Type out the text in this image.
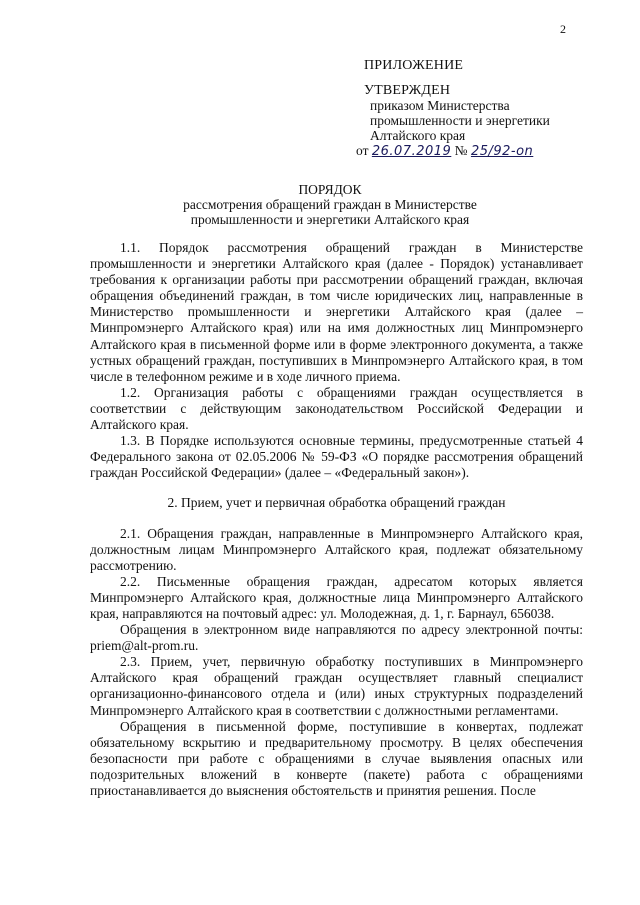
2
ПРИЛОЖЕНИЕ
УТВЕРЖДЕН
приказом Министерства
промышленности и энергетики
Алтайского края
от 26.07.2019 № 25/92-on
ПОРЯДОК
рассмотрения обращений граждан в Министерстве
промышленности и энергетики Алтайского края

1.1. Порядок рассмотрения обращений граждан в Министерстве промышленности и энергетики Алтайского края (далее - Порядок) устанавливает требования к организации работы при рассмотрении обращений граждан, включая обращения объединений граждан, в том числе юридических лиц, направленные в Министерство промышленности и энергетики Алтайского края (далее – Минпромэнерго Алтайского края) или на имя должностных лиц Минпромэнерго Алтайского края в письменной форме или в форме электронного документа, а также устных обращений граждан, поступивших в Минпромэнерго Алтайского края, в том числе в телефонном режиме и в ходе личного приема.

1.2. Организация работы с обращениями граждан осуществляется в соответствии с действующим законодательством Российской Федерации и Алтайского края.

1.3. В Порядке используются основные термины, предусмотренные статьей 4 Федерального закона от 02.05.2006 № 59-ФЗ «О порядке рассмотрения обращений граждан Российской Федерации» (далее – «Федеральный закон»).

2. Прием, учет и первичная обработка обращений граждан

2.1. Обращения граждан, направленные в Минпромэнерго Алтайского края, должностным лицам Минпромэнерго Алтайского края, подлежат обязательному рассмотрению.

2.2. Письменные обращения граждан, адресатом которых является Минпромэнерго Алтайского края, должностные лица Минпромэнерго Алтайского края, направляются на почтовый адрес: ул. Молодежная, д. 1, г. Барнаул, 656038.

Обращения в электронном виде направляются по адресу электронной почты: priem@alt-prom.ru.

2.3. Прием, учет, первичную обработку поступивших в Минпромэнерго Алтайского края обращений граждан осуществляет главный специалист организационно-финансового отдела и (или) иных структурных подразделений Минпромэнерго Алтайского края в соответствии с должностными регламентами.

Обращения в письменной форме, поступившие в конвертах, подлежат обязательному вскрытию и предварительному просмотру. В целях обеспечения безопасности при работе с обращениями в случае выявления опасных или подозрительных вложений в конверте (пакете) работа с обращениями приостанавливается до выяснения обстоятельств и принятия решения. После
